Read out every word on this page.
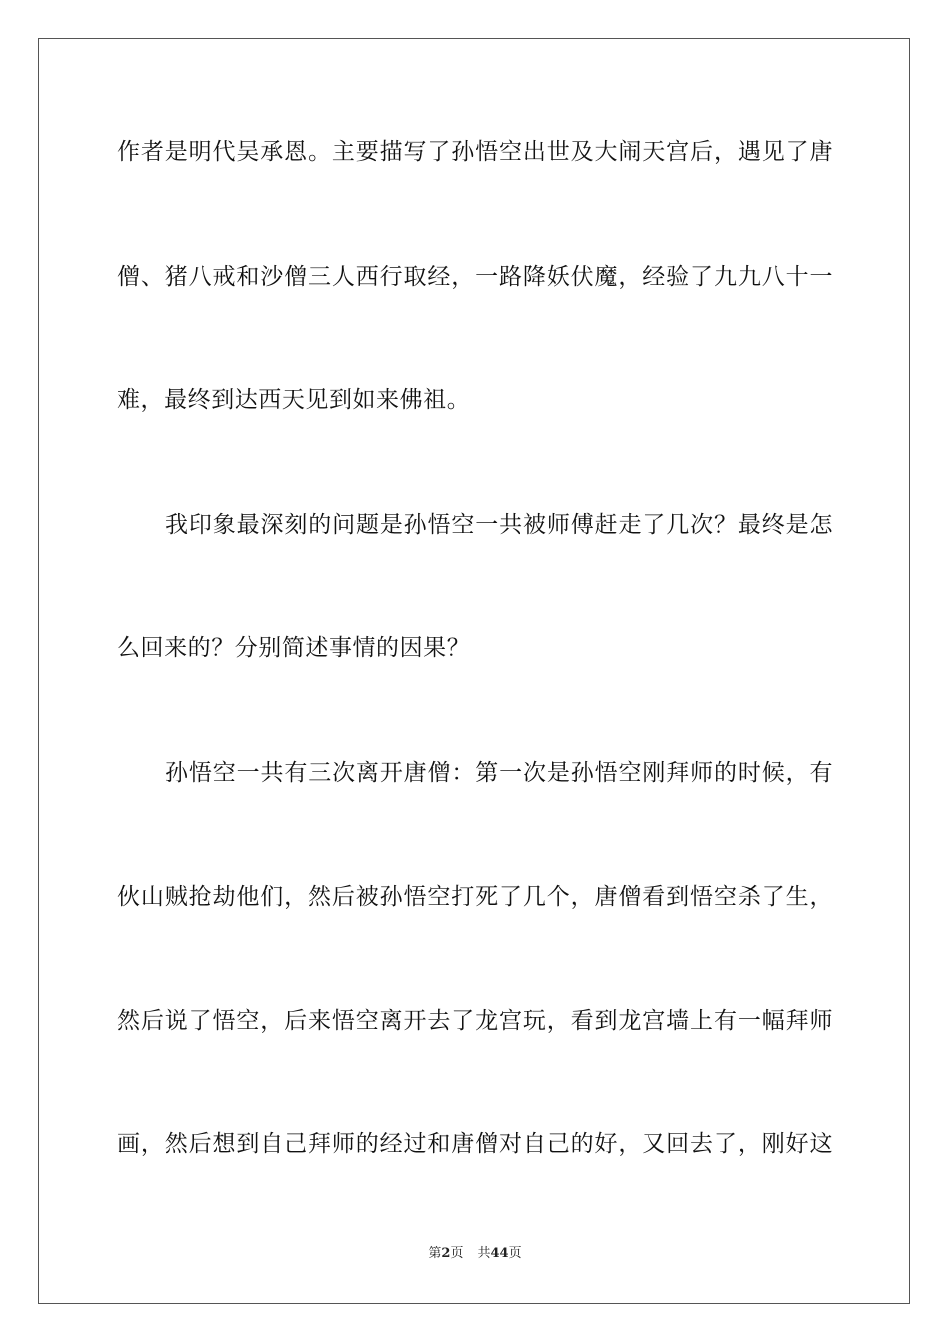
作者是明代吴承恩。主要描写了孙悟空出世及大闹天宫后，遇见了唐
僧、猪八戒和沙僧三人西行取经，一路降妖伏魔，经验了九九八十一
难，最终到达西天见到如来佛祖。
我印象最深刻的问题是孙悟空一共被师傅赶走了几次？最终是怎
么回来的？分别简述事情的因果？
孙悟空一共有三次离开唐僧：第一次是孙悟空刚拜师的时候，有
伙山贼抢劫他们，然后被孙悟空打死了几个，唐僧看到悟空杀了生，
然后说了悟空，后来悟空离开去了龙宫玩，看到龙宫墙上有一幅拜师
画，然后想到自己拜师的经过和唐僧对自己的好，又回去了，刚好这
第2页 共44页
